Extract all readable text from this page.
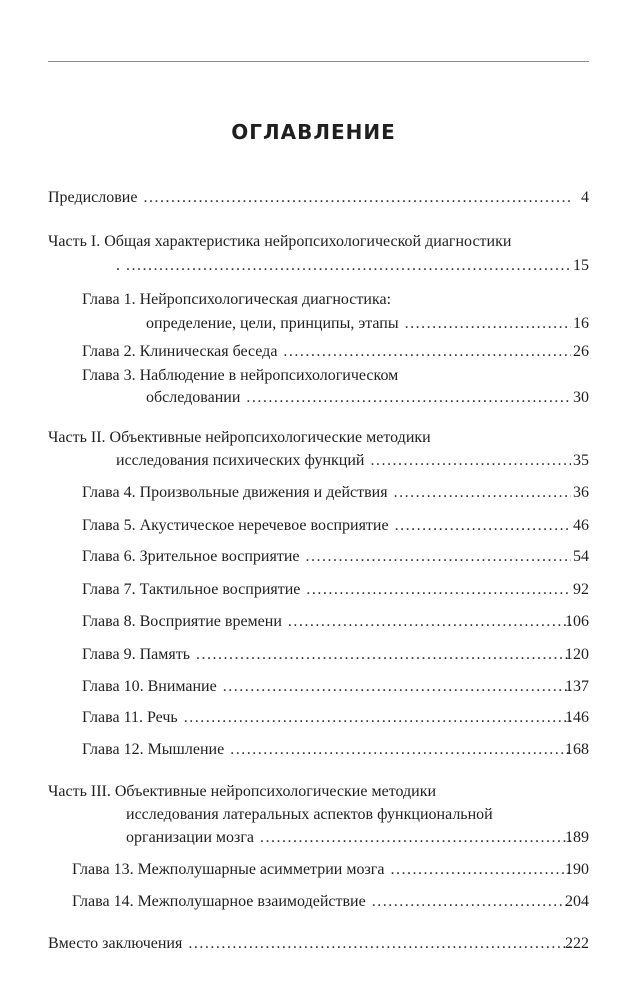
ОГЛАВЛЕНИЕ
Предисловие .....	4
Часть I. Общая характеристика нейропсихологической диагностики
. .....	15
Глава 1. Нейропсихологическая диагностика:
определение, цели, принципы, этапы .....	16
Глава 2. Клиническая беседа .....	26
Глава 3. Наблюдение в нейропсихологическом
обследовании .....	30
Часть II. Объективные нейропсихологические методики
исследования психических функций .....	35
Глава 4. Произвольные движения и действия .....	36
Глава 5. Акустическое неречевое восприятие .....	46
Глава 6. Зрительное восприятие .....	54
Глава 7. Тактильное восприятие .....	92
Глава 8. Восприятие времени .....	106
Глава 9. Память .....	120
Глава 10. Внимание .....	137
Глава 11. Речь .....	146
Глава 12. Мышление .....	168
Часть III. Объективные нейропсихологические методики
исследования латеральных аспектов функциональной
организации мозга .....	189
Глава 13. Межполушарные асимметрии мозга .....	190
Глава 14. Межполушарное взаимодействие .....	204
Вместо заключения .....	222
